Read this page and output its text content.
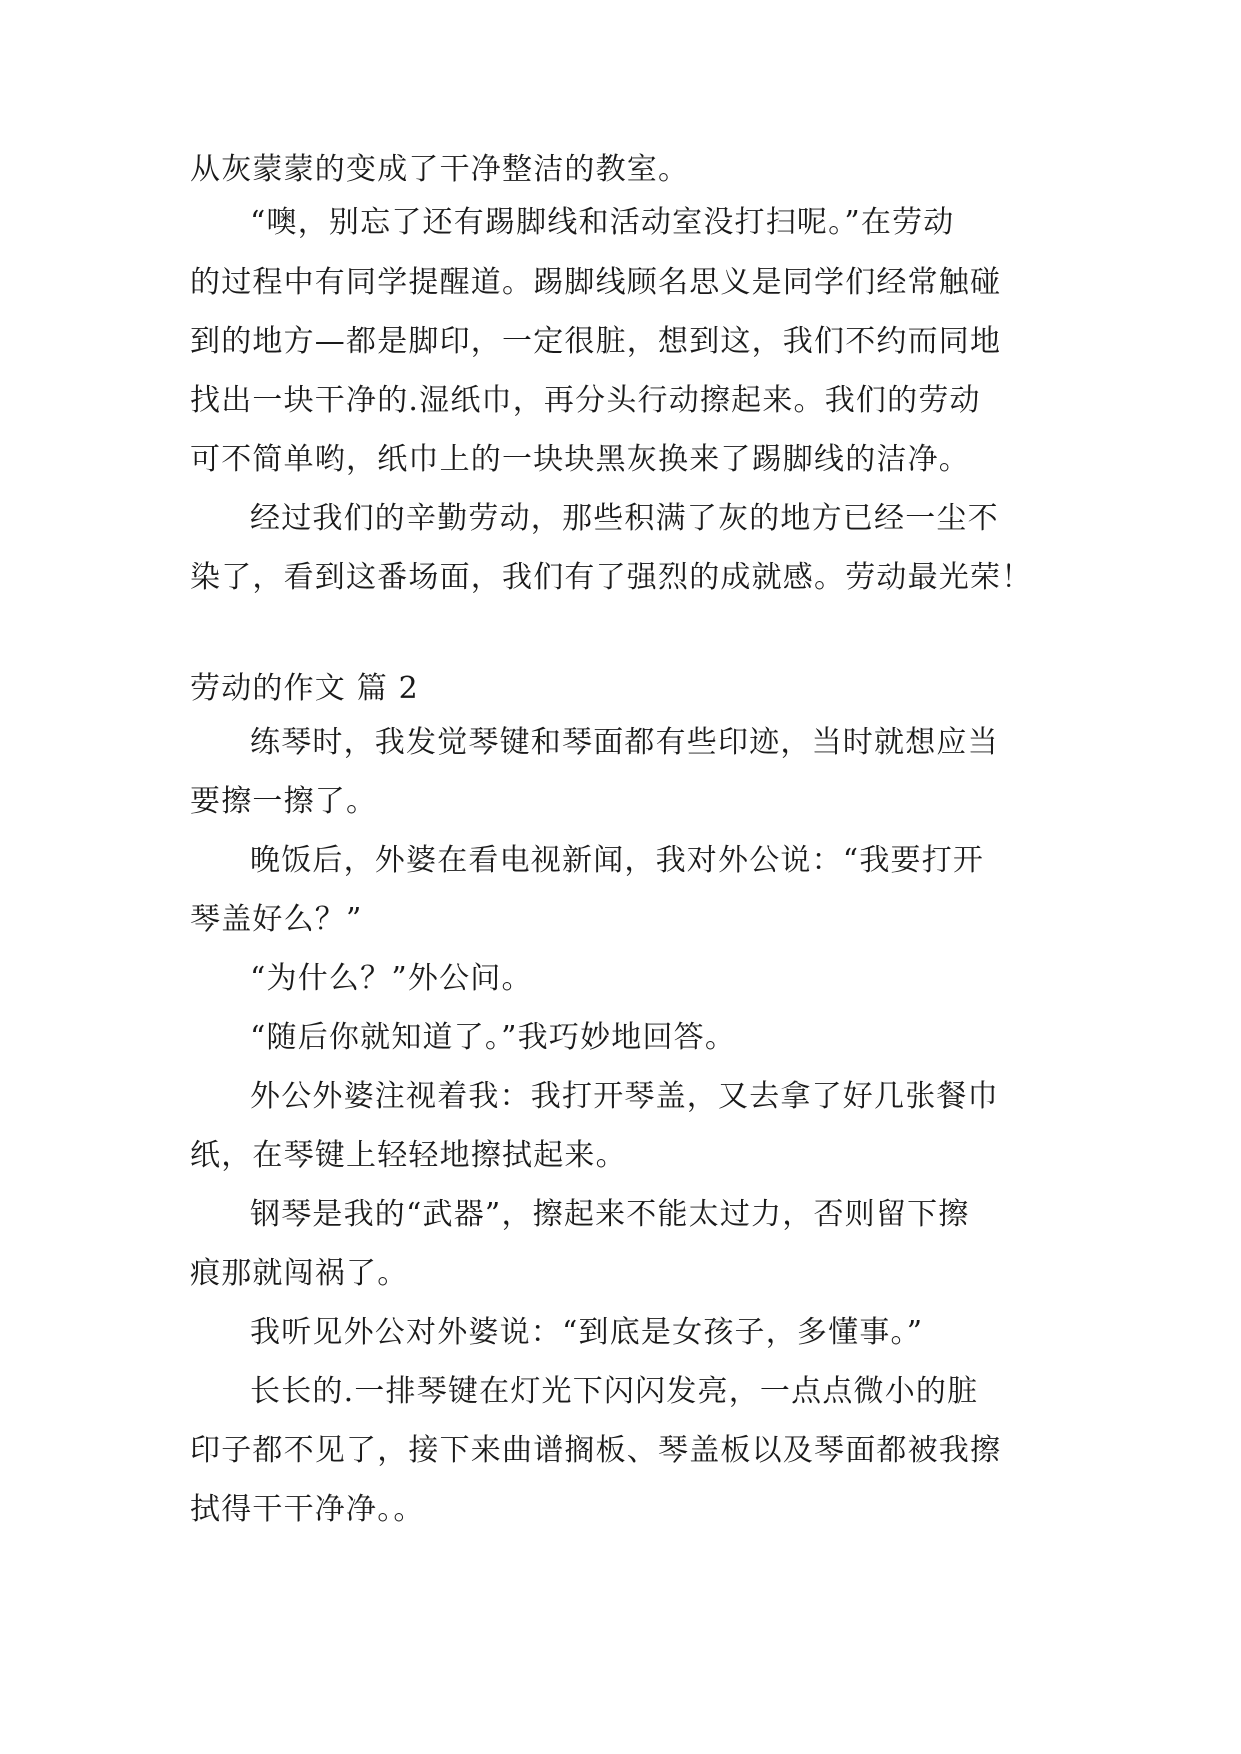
从灰蒙蒙的变成了干净整洁的教室。
“噢，别忘了还有踢脚线和活动室没打扫呢。”在劳动
的过程中有同学提醒道。踢脚线顾名思义是同学们经常触碰
到的地方—都是脚印，一定很脏，想到这，我们不约而同地
找出一块干净的.湿纸巾，再分头行动擦起来。我们的劳动
可不简单哟，纸巾上的一块块黑灰换来了踢脚线的洁净。
经过我们的辛勤劳动，那些积满了灰的地方已经一尘不
染了，看到这番场面，我们有了强烈的成就感。劳动最光荣！
劳动的作文 篇 2
练琴时，我发觉琴键和琴面都有些印迹，当时就想应当
要擦一擦了。
晚饭后，外婆在看电视新闻，我对外公说：“我要打开
琴盖好么？”
“为什么？”外公问。
“随后你就知道了。”我巧妙地回答。
外公外婆注视着我：我打开琴盖，又去拿了好几张餐巾
纸，在琴键上轻轻地擦拭起来。
钢琴是我的“武器”，擦起来不能太过力，否则留下擦
痕那就闯祸了。
我听见外公对外婆说：“到底是女孩子，多懂事。”
长长的.一排琴键在灯光下闪闪发亮，一点点微小的脏
印子都不见了，接下来曲谱搁板、琴盖板以及琴面都被我擦
拭得干干净净。。
